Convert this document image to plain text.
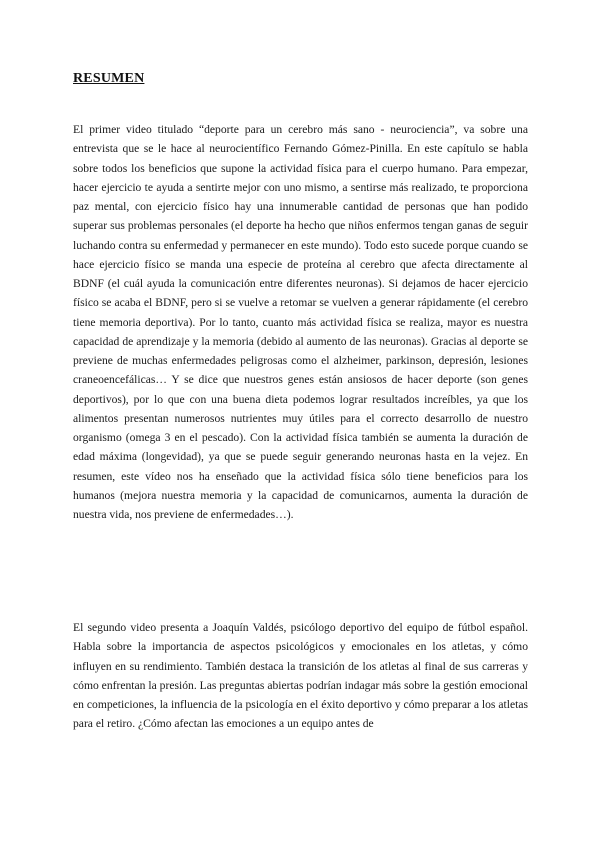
RESUMEN

El primer video titulado “deporte para un cerebro más sano - neurociencia”, va sobre una entrevista que se le hace al neurocientífico Fernando Gómez-Pinilla. En este capítulo se habla sobre todos los beneficios que supone la actividad física para el cuerpo humano. Para empezar, hacer ejercicio te ayuda a sentirte mejor con uno mismo, a sentirse más realizado, te proporciona paz mental, con ejercicio físico hay una innumerable cantidad de personas que han podido superar sus problemas personales (el deporte ha hecho que niños enfermos tengan ganas de seguir luchando contra su enfermedad y permanecer en este mundo). Todo esto sucede porque cuando se hace ejercicio físico se manda una especie de proteína al cerebro que afecta directamente al BDNF (el cuál ayuda la comunicación entre diferentes neuronas). Si dejamos de hacer ejercicio físico se acaba el BDNF, pero si se vuelve a retomar se vuelven a generar rápidamente (el cerebro tiene memoria deportiva). Por lo tanto, cuanto más actividad física se realiza, mayor es nuestra capacidad de aprendizaje y la memoria (debido al aumento de las neuronas). Gracias al deporte se previene de muchas enfermedades peligrosas como el alzheimer, parkinson, depresión, lesiones craneoencefálicas… Y se dice que nuestros genes están ansiosos de hacer deporte (son genes deportivos), por lo que con una buena dieta podemos lograr resultados increíbles, ya que los alimentos presentan numerosos nutrientes muy útiles para el correcto desarrollo de nuestro organismo (omega 3 en el pescado). Con la actividad física también se aumenta la duración de edad máxima (longevidad), ya que se puede seguir generando neuronas hasta en la vejez. En resumen, este vídeo nos ha enseñado que la actividad física sólo tiene beneficios para los humanos (mejora nuestra memoria y la capacidad de comunicarnos, aumenta la duración de nuestra vida, nos previene de enfermedades…).

El segundo video presenta a Joaquín Valdés, psicólogo deportivo del equipo de fútbol español. Habla sobre la importancia de aspectos psicológicos y emocionales en los atletas, y cómo influyen en su rendimiento. También destaca la transición de los atletas al final de sus carreras y cómo enfrentan la presión. Las preguntas abiertas podrían indagar más sobre la gestión emocional en competiciones, la influencia de la psicología en el éxito deportivo y cómo preparar a los atletas para el retiro. ¿Cómo afectan las emociones a un equipo antes de
